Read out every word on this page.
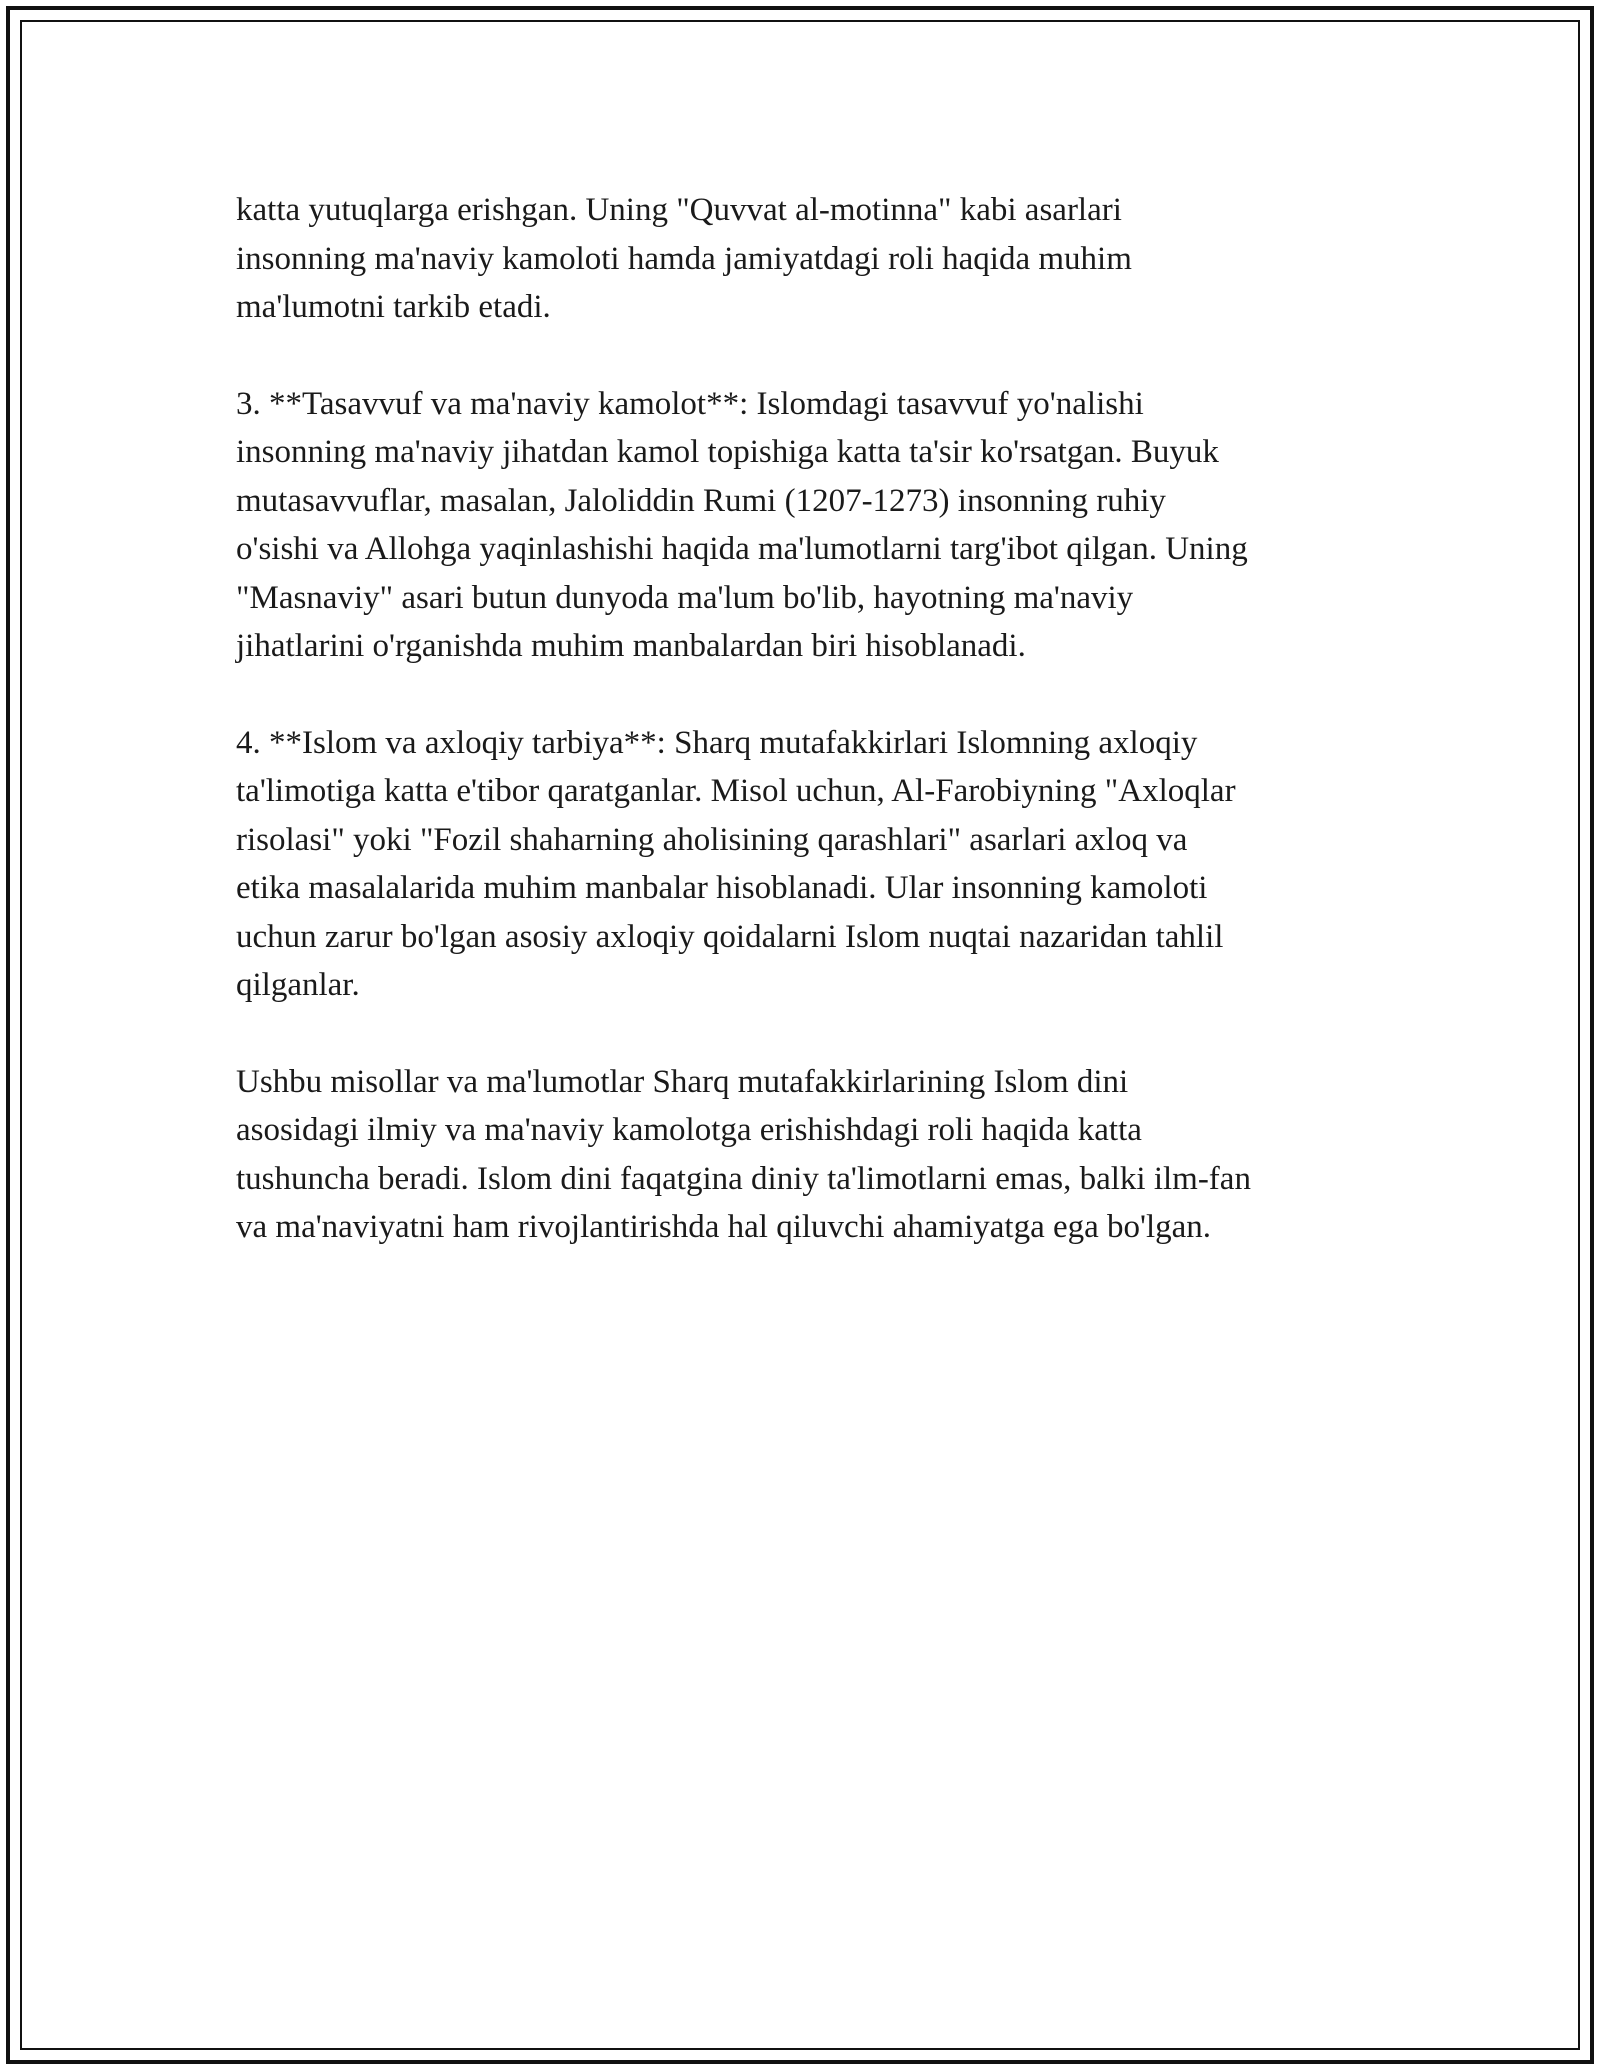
katta yutuqlarga erishgan. Uning "Quvvat al-motinna" kabi asarlari
insonning ma'naviy kamoloti hamda jamiyatdagi roli haqida muhim
ma'lumotni tarkib etadi.
3. **Tasavvuf va ma'naviy kamolot**: Islomdagi tasavvuf yo'nalishi
insonning ma'naviy jihatdan kamol topishiga katta ta'sir ko'rsatgan. Buyuk
mutasavvuflar, masalan, Jaloliddin Rumi (1207-1273) insonning ruhiy
o'sishi va Allohga yaqinlashishi haqida ma'lumotlarni targ'ibot qilgan. Uning
"Masnaviy" asari butun dunyoda ma'lum bo'lib, hayotning ma'naviy
jihatlarini o'rganishda muhim manbalardan biri hisoblanadi.
4. **Islom va axloqiy tarbiya**: Sharq mutafakkirlari Islomning axloqiy
ta'limotiga katta e'tibor qaratganlar. Misol uchun, Al-Farobiyning "Axloqlar
risolasi" yoki "Fozil shaharning aholisining qarashlari" asarlari axloq va
etika masalalarida muhim manbalar hisoblanadi. Ular insonning kamoloti
uchun zarur bo'lgan asosiy axloqiy qoidalarni Islom nuqtai nazaridan tahlil
qilganlar.
Ushbu misollar va ma'lumotlar Sharq mutafakkirlarining Islom dini
asosidagi ilmiy va ma'naviy kamolotga erishishdagi roli haqida katta
tushuncha beradi. Islom dini faqatgina diniy ta'limotlarni emas, balki ilm-fan
va ma'naviyatni ham rivojlantirishda hal qiluvchi ahamiyatga ega bo'lgan.
